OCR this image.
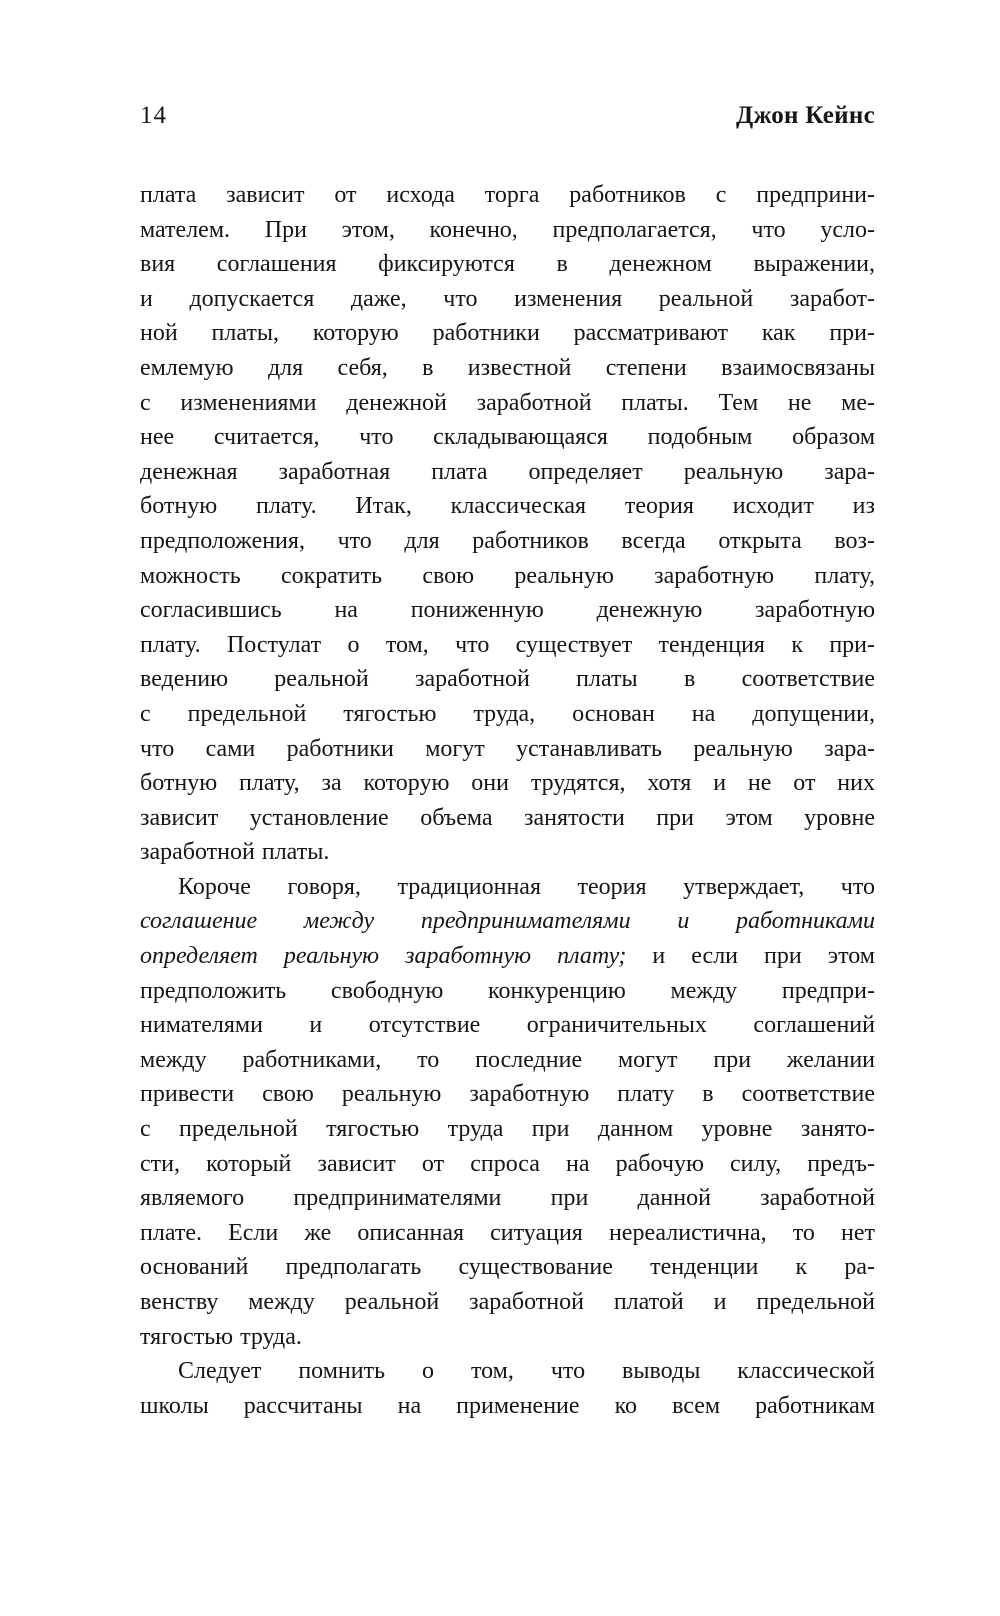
14	Джон Кейнс
плата зависит от исхода торга работников с предприни-
мателем. При этом, конечно, предполагается, что усло-
вия соглашения фиксируются в денежном выражении,
и допускается даже, что изменения реальной заработ-
ной платы, которую работники рассматривают как при-
емлемую для себя, в известной степени взаимосвязаны
с изменениями денежной заработной платы. Тем не ме-
нее считается, что складывающаяся подобным образом
денежная заработная плата определяет реальную зара-
ботную плату. Итак, классическая теория исходит из
предположения, что для работников всегда открыта воз-
можность сократить свою реальную заработную плату,
согласившись на пониженную денежную заработную
плату. Постулат о том, что существует тенденция к при-
ведению реальной заработной платы в соответствие
с предельной тягостью труда, основан на допущении,
что сами работники могут устанавливать реальную зара-
ботную плату, за которую они трудятся, хотя и не от них
зависит установление объема занятости при этом уровне
заработной платы.
Короче говоря, традиционная теория утверждает, что
соглашение между предпринимателями и работниками
определяет реальную заработную плату; и если при этом
предположить свободную конкуренцию между предпри-
нимателями и отсутствие ограничительных соглашений
между работниками, то последние могут при желании
привести свою реальную заработную плату в соответствие
с предельной тягостью труда при данном уровне занято-
сти, который зависит от спроса на рабочую силу, предъ-
являемого предпринимателями при данной заработной
плате. Если же описанная ситуация нереалистична, то нет
оснований предполагать существование тенденции к ра-
венству между реальной заработной платой и предельной
тягостью труда.
Следует помнить о том, что выводы классической
школы рассчитаны на применение ко всем работникам
